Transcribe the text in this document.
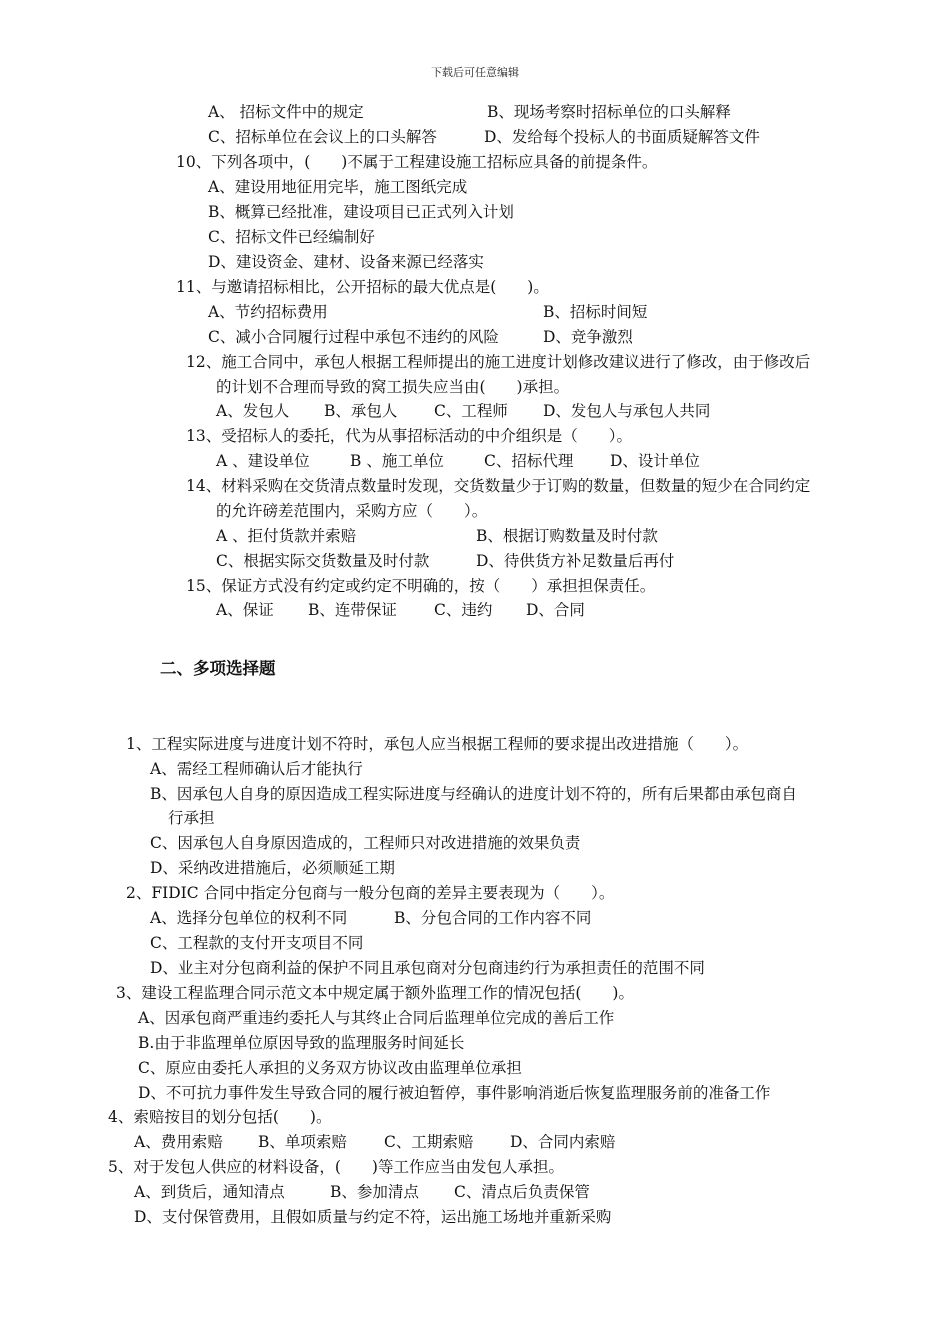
下载后可任意编辑
A、 招标文件中的规定	B、现场考察时招标单位的口头解释
C、招标单位在会议上的口头解答	D、发给每个投标人的书面质疑解答文件
10、下列各项中，(　　)不属于工程建设施工招标应具备的前提条件。
A、建设用地征用完毕，施工图纸完成
B、概算已经批准，建设项目已正式列入计划
C、招标文件已经编制好
D、建设资金、建材、设备来源已经落实
11、与邀请招标相比，公开招标的最大优点是(　　)。
A、节约招标费用	B、招标时间短
C、减小合同履行过程中承包不违约的风险	D、竞争激烈
12、施工合同中，承包人根据工程师提出的施工进度计划修改建议进行了修改，由于修改后
的计划不合理而导致的窝工损失应当由(　　)承担。
A、发包人 B、承包人 C、工程师 D、发包人与承包人共同
13、受招标人的委托，代为从事招标活动的中介组织是（　　）。
A 、建设单位	B 、施工单位	C、招标代理 D、设计单位
14、材料采购在交货清点数量时发现，交货数量少于订购的数量，但数量的短少在合同约定
的允许磅差范围内，采购方应（　　）。
A 、拒付货款并索赔	B、根据订购数量及时付款
C、根据实际交货数量及时付款	D、待供货方补足数量后再付
15、保证方式没有约定或约定不明确的，按（　　）承担担保责任。
A、保证 B、连带保证 C、违约 D、合同
二、多项选择题
1、工程实际进度与进度计划不符时，承包人应当根据工程师的要求提出改进措施（　　）。
A、需经工程师确认后才能执行
B、因承包人自身的原因造成工程实际进度与经确认的进度计划不符的，所有后果都由承包商自
行承担
C、因承包人自身原因造成的，工程师只对改进措施的效果负责
D、采纳改进措施后，必须顺延工期
2、FIDIC 合同中指定分包商与一般分包商的差异主要表现为（　　）。
A、选择分包单位的权利不同	B、分包合同的工作内容不同
C、工程款的支付开支项目不同
D、业主对分包商利益的保护不同且承包商对分包商违约行为承担责任的范围不同
3、建设工程监理合同示范文本中规定属于额外监理工作的情况包括(　　)。
A、因承包商严重违约委托人与其终止合同后监理单位完成的善后工作
B.由于非监理单位原因导致的监理服务时间延长
C、原应由委托人承担的义务双方协议改由监理单位承担
D、不可抗力事件发生导致合同的履行被迫暂停，事件影响消逝后恢复监理服务前的准备工作
4、索赔按目的划分包括(　　)。
A、费用索赔 B、单项索赔 C、工期索赔 D、合同内索赔
5、对于发包人供应的材料设备，(　　)等工作应当由发包人承担。
A、到货后，通知清点	B、参加清点 C、清点后负责保管
D、支付保管费用，且假如质量与约定不符，运出施工场地并重新采购
